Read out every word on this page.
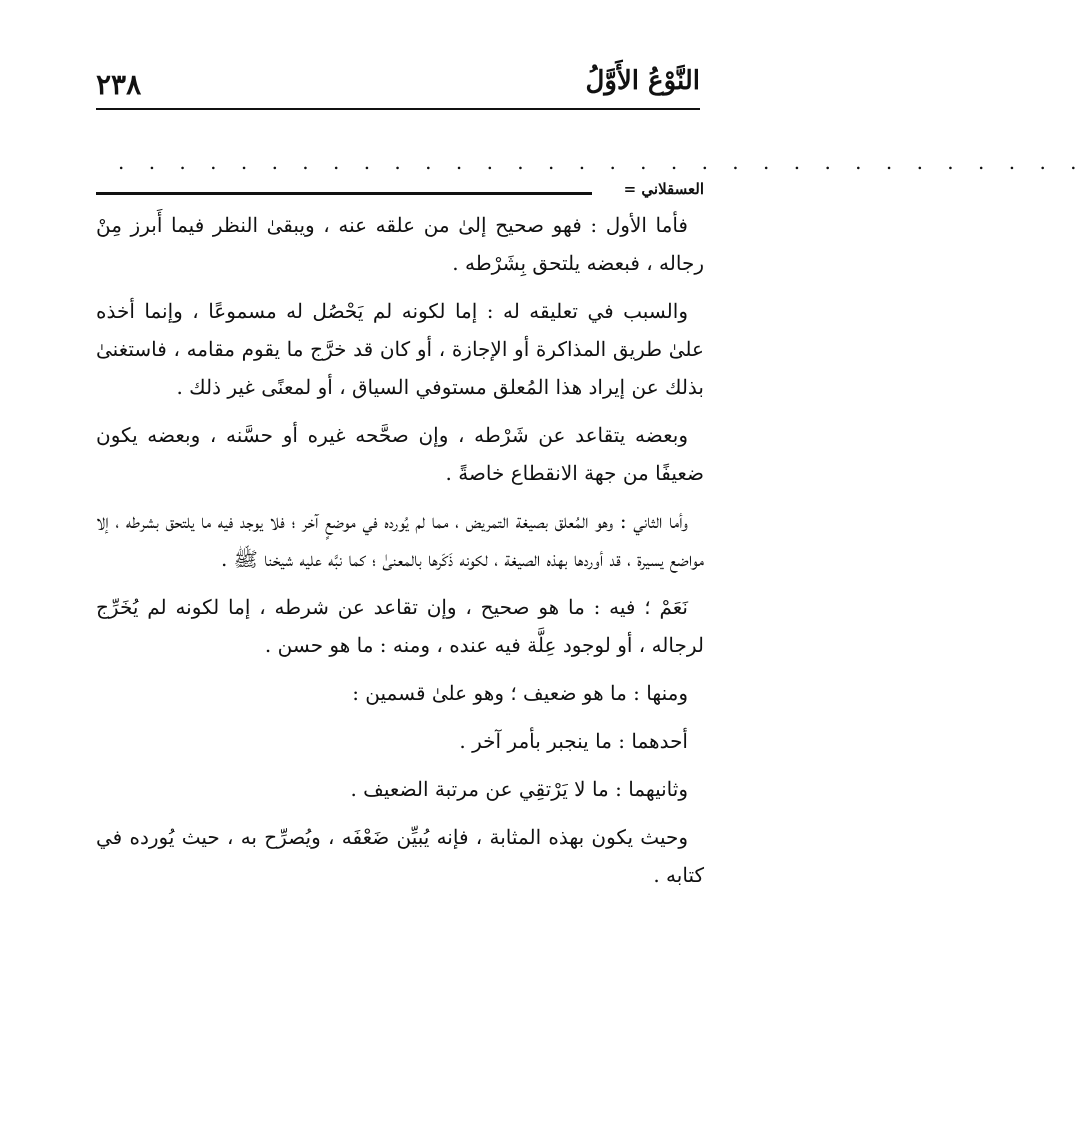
النَّوْعُ الأَوَّلُ
٢٣٨
. . . . . . . . . . . . . . . . . . . . . . . . . . . . . . . .
العسقلاني =

فأما الأول : فهو صحيح إلىٰ من علقه عنه ، ويبقىٰ النظر فيما أَبرز مِنْ رجاله ، فبعضه يلتحق بِشَرْطه .

والسبب في تعليقه له : إما لكونه لم يَحْصُل له مسموعًا ، وإنما أخذه علىٰ طريق المذاكرة أو الإجازة ، أو كان قد خرَّج ما يقوم مقامه ، فاستغنىٰ بذلك عن إيراد هذا المُعلق مستوفي السياق ، أو لمعنًى غير ذلك .

وبعضه يتقاعد عن شَرْطه ، وإن صحَّحه غيره أو حسَّنه ، وبعضه يكون ضعيفًا من جهة الانقطاع خاصةً .

وأما الثاني : وهو المُعلق بصيغة التمريض ، مما لم يُورده في موضعٍ آخر ؛ فلا يوجد فيه ما يلتحق بشرطه ، إلا مواضع يسيرة ، قد أوردها بهذه الصيغة ، لكونه ذَكَرها بالمعنىٰ ؛ كما نبَّه عليه شيخنا ﷺ .

نَعَمْ ؛ فيه : ما هو صحيح ، وإن تقاعد عن شرطه ، إما لكونه لم يُخَرِّج لرجاله ، أو لوجود عِلَّة فيه عنده ، ومنه : ما هو حسن .

ومنها : ما هو ضعيف ؛ وهو علىٰ قسمين :

أحدهما : ما ينجبر بأمر آخر .

وثانيهما : ما لا يَرْتقِي عن مرتبة الضعيف .

وحيث يكون بهذه المثابة ، فإنه يُبيِّن ضَعْفَه ، ويُصرِّح به ، حيث يُورده في كتابه .
